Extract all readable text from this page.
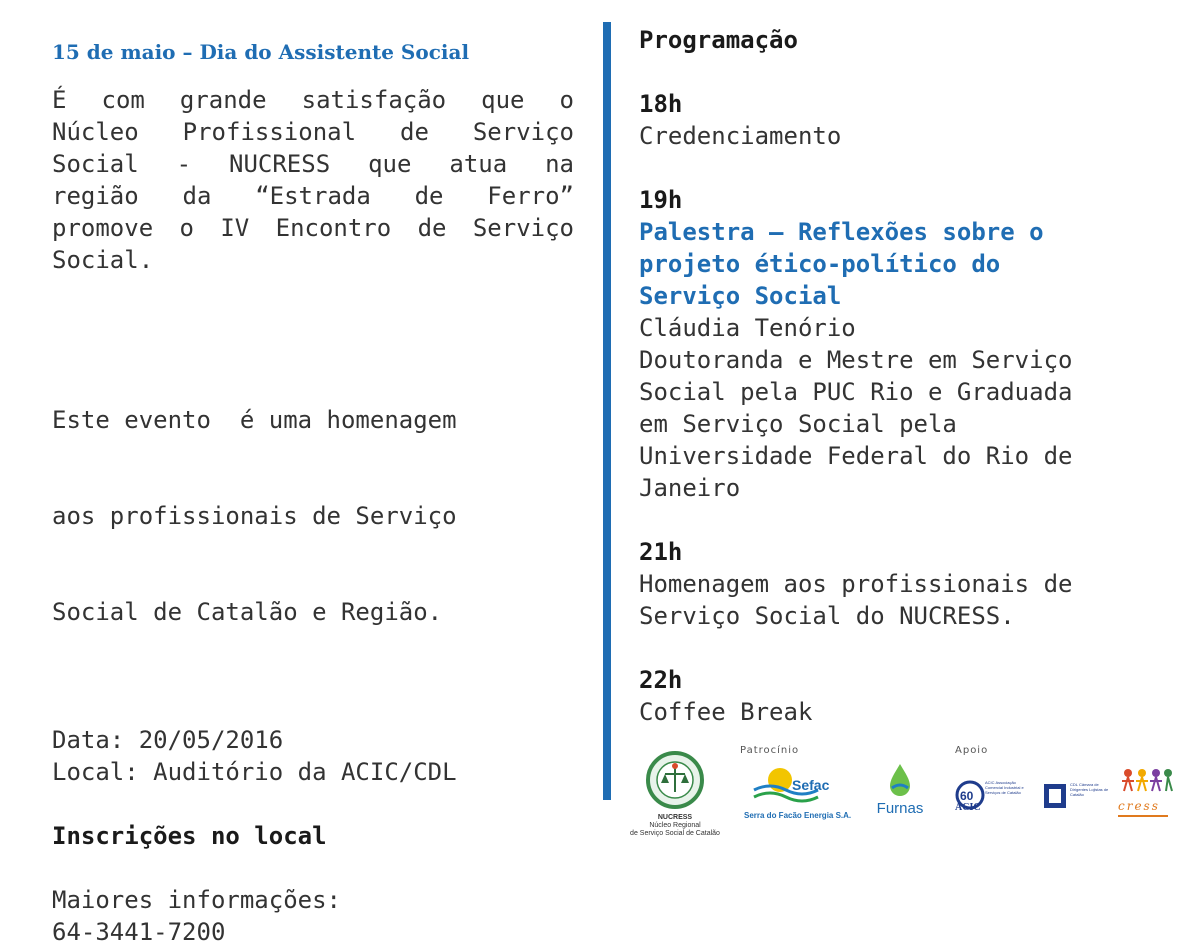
15 de maio – Dia do Assistente Social

É com grande satisfação que o

Núcleo Profissional de Serviço

Social - NUCRESS que atua na

região da “Estrada de Ferro”

promove o IV Encontro de Serviço

Social.

Este evento  é uma homenagem

aos profissionais de Serviço

Social de Catalão e Região.

Data: 20/05/2016
Local: Auditório da ACIC/CDL
Inscrições no local
Maiores informações:
64-3441-7200
Programação
18h
Credenciamento
19h
Palestra – Reflexões sobre o
projeto ético-político do
Serviço Social
Cláudia Tenório
Doutoranda e Mestre em Serviço
Social pela PUC Rio e Graduada
em Serviço Social pela
Universidade Federal do Rio de
Janeiro
21h
Homenagem aos profissionais de
Serviço Social do NUCRESS.
22h
Coffee Break
Patrocínio	Apoio
NUCRESS
Núcleo Regional
de Serviço Social de Catalão
Sefac
Serra do Facão Energia S.A.	Furnas
60
ACIC
ACIC Associação Comercial Industrial e Serviços de Catalão
CDL Câmara de Dirigentes Lojistas de Catalão
cress
